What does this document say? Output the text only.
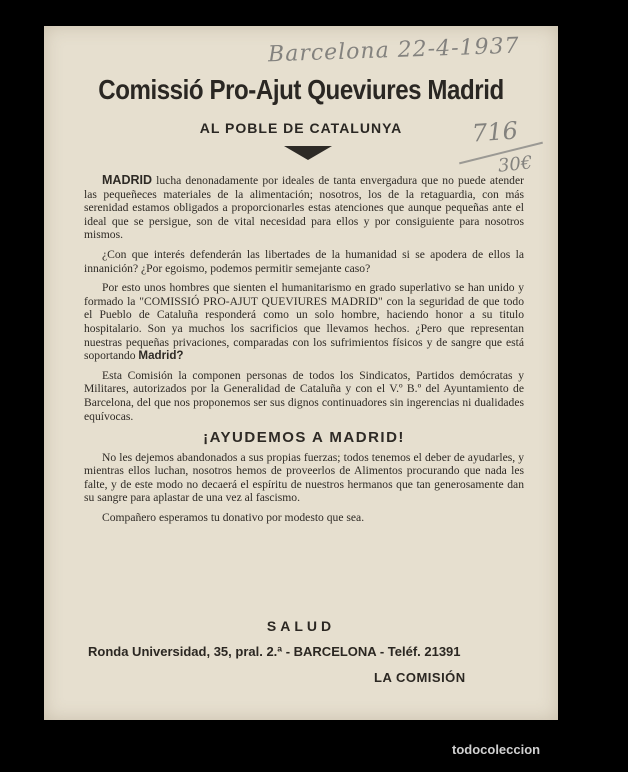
Barcelona 22-4-1937
716
30€
Comissió Pro-Ajut Queviures Madrid
AL POBLE DE CATALUNYA

MADRID lucha denonadamente por ideales de tanta envergadura que no puede atender las pequeñeces materiales de la alimentación; nosotros, los de la retaguardia, con más serenidad estamos obligados a proporcionarles estas atenciones que aunque pequeñas ante el ideal que se persigue, son de vital necesidad para ellos y por consiguiente para nosotros mismos.

¿Con que interés defenderán las libertades de la humanidad si se apodera de ellos la innanición? ¿Por egoismo, podemos permitir semejante caso?

Por esto unos hombres que sienten el humanitarismo en grado superlativo se han unido y formado la "COMISSIÓ PRO-AJUT QUEVIURES MADRID" con la seguridad de que todo el Pueblo de Cataluña responderá como un solo hombre, haciendo honor a su titulo hospitalario. Son ya muchos los sacrificios que llevamos hechos. ¿Pero que representan nuestras pequeñas privaciones, comparadas con los sufrimientos físicos y de sangre que está soportando Madrid?

Esta Comisión la componen personas de todos los Sindicatos, Partidos demócratas y Militares, autorizados por la Generalidad de Cataluña y con el V.º B.º del Ayuntamiento de Barcelona, del que nos proponemos ser sus dignos continuadores sin ingerencias ni dualidades equívocas.

¡AYUDEMOS A MADRID!

No les dejemos abandonados a sus propias fuerzas; todos tenemos el deber de ayudarles, y mientras ellos luchan, nosotros hemos de proveerlos de Alimentos procurando que nada les falte, y de este modo no decaerá el espíritu de nuestros hermanos que tan generosamente dan su sangre para aplastar de una vez al fascismo.

Compañero esperamos tu donativo por modesto que sea.

SALUD
Ronda Universidad, 35, pral. 2.ª - BARCELONA - Teléf. 21391
LA COMISIÓN
todocoleccion
